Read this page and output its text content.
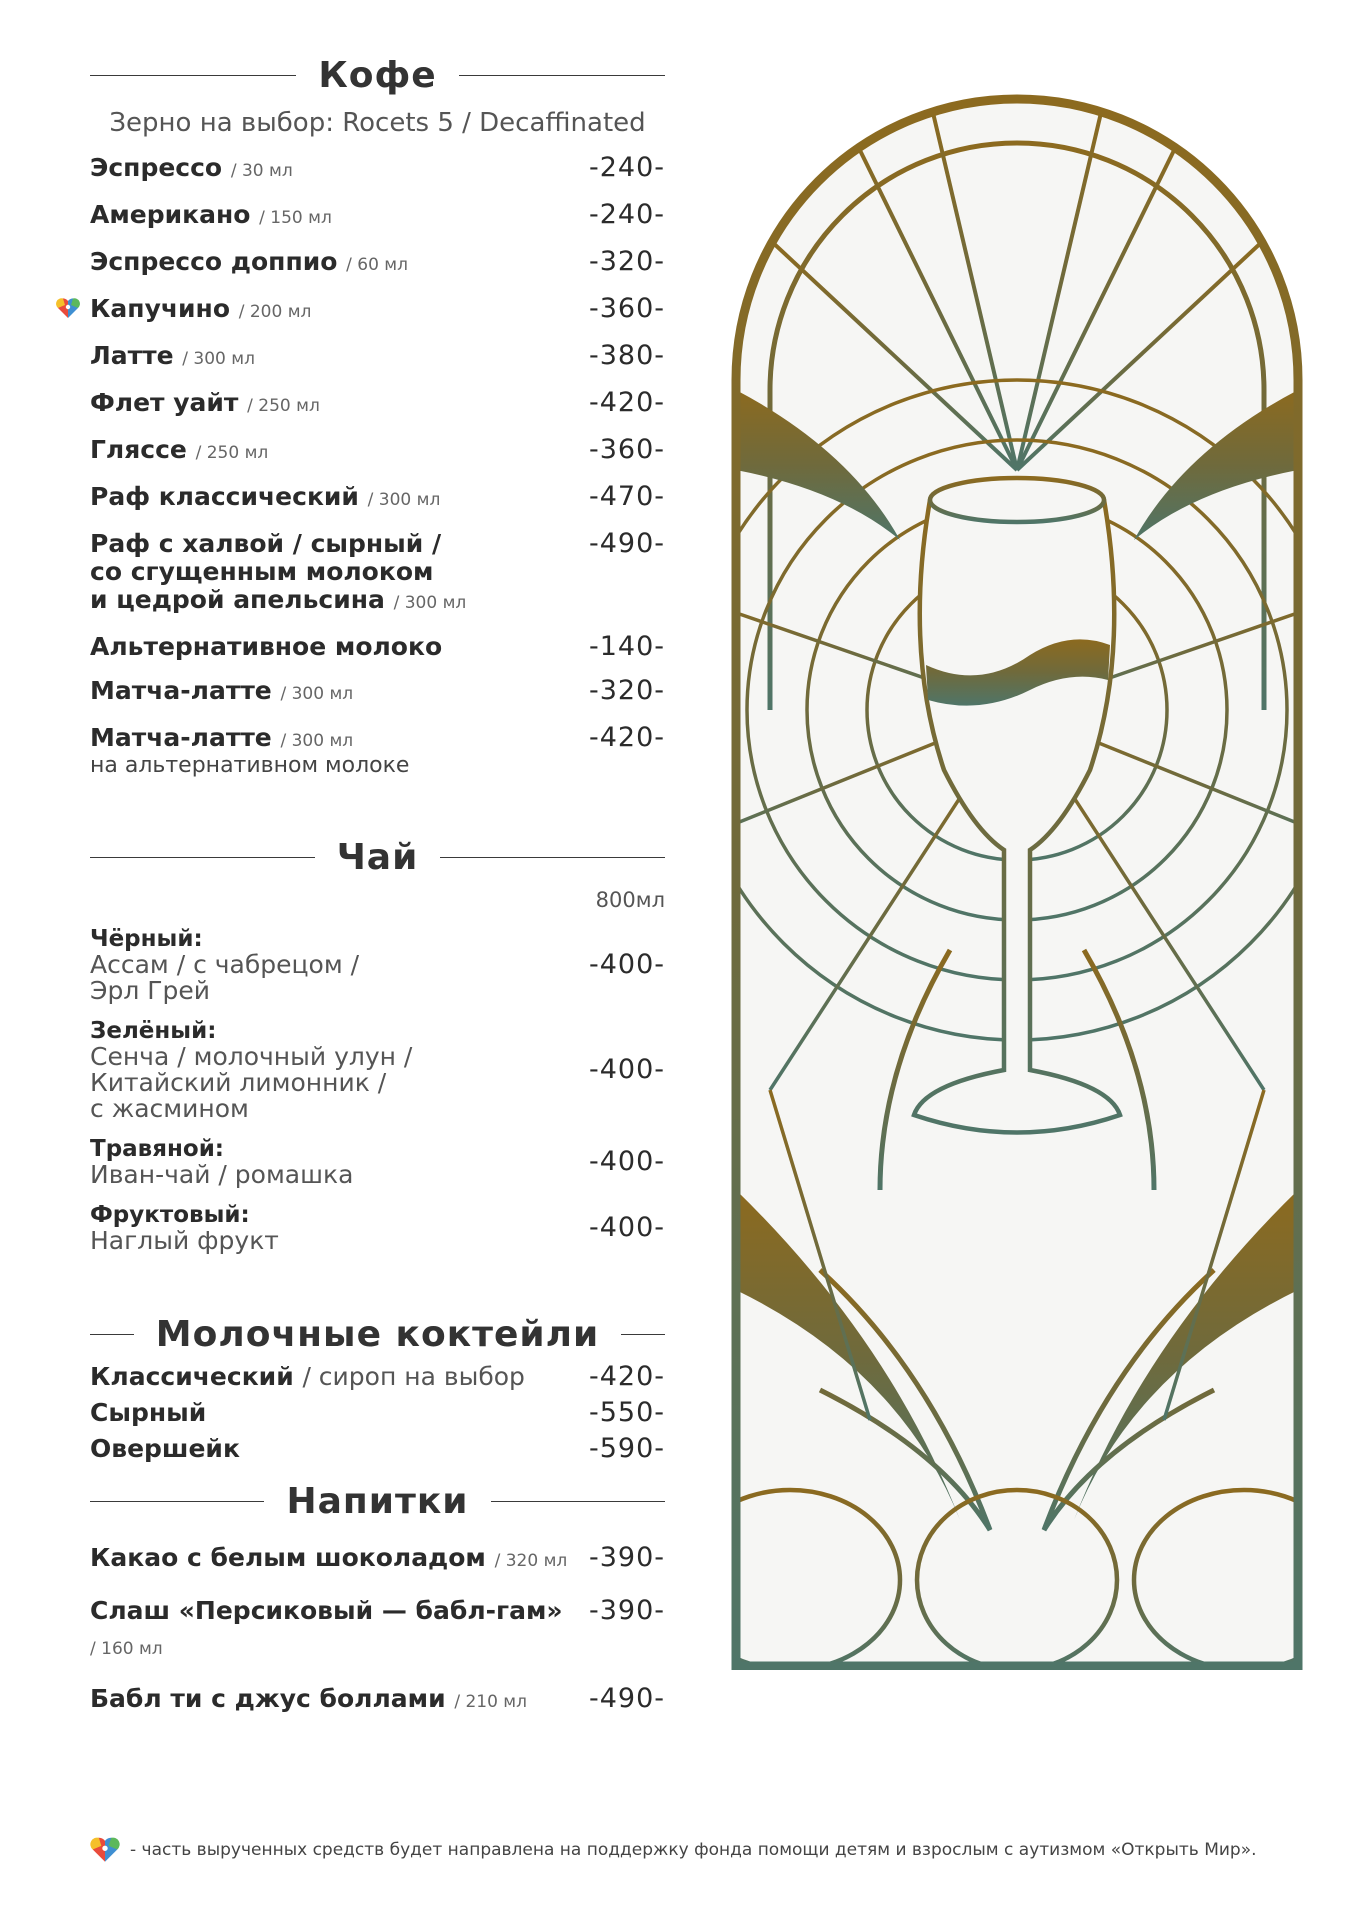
Кофе
Зерно на выбор: Rocets 5 / Decaffinated
Эспрессо / 30 мл	-240-
Американо / 150 мл	-240-
Эспрессо доппио / 60 мл	-320-
Капучино / 200 мл	-360-
Латте / 300 мл	-380-
Флет уайт / 250 мл	-420-
Глясcе / 250 мл	-360-
Раф классический / 300 мл	-470-
Раф с халвой / сырный /
со сгущенным молоком
и цедрой апельсина / 300 мл
-490-
Альтернативное молоко	-140-
Матча-латте / 300 мл	-320-
Матча-латте / 300 мл
на альтернативном молоке
-420-
Чай
800мл
Чёрный:
Ассам / с чабрецом /
Эрл Грей
-400-
Зелёный:
Сенча / молочный улун /
Китайский лимонник /
с жасмином
-400-
Травяной:
Иван-чай / ромашка	-400-
Фруктовый:
Наглый фрукт	-400-
Молочные коктейли
Классический / сироп на выбор -420-
Сырный	-550-
Овершейк	-590-
Напитки
Какао с белым шоколадом / 320 мл -390-
Слаш «Персиковый — бабл-гам»
/ 160 мл
-390-
Бабл ти с джус боллами / 210 мл -490-
- часть вырученных средств будет направлена на поддержку фонда помощи детям и взрослым с аутизмом «Открыть Мир».
